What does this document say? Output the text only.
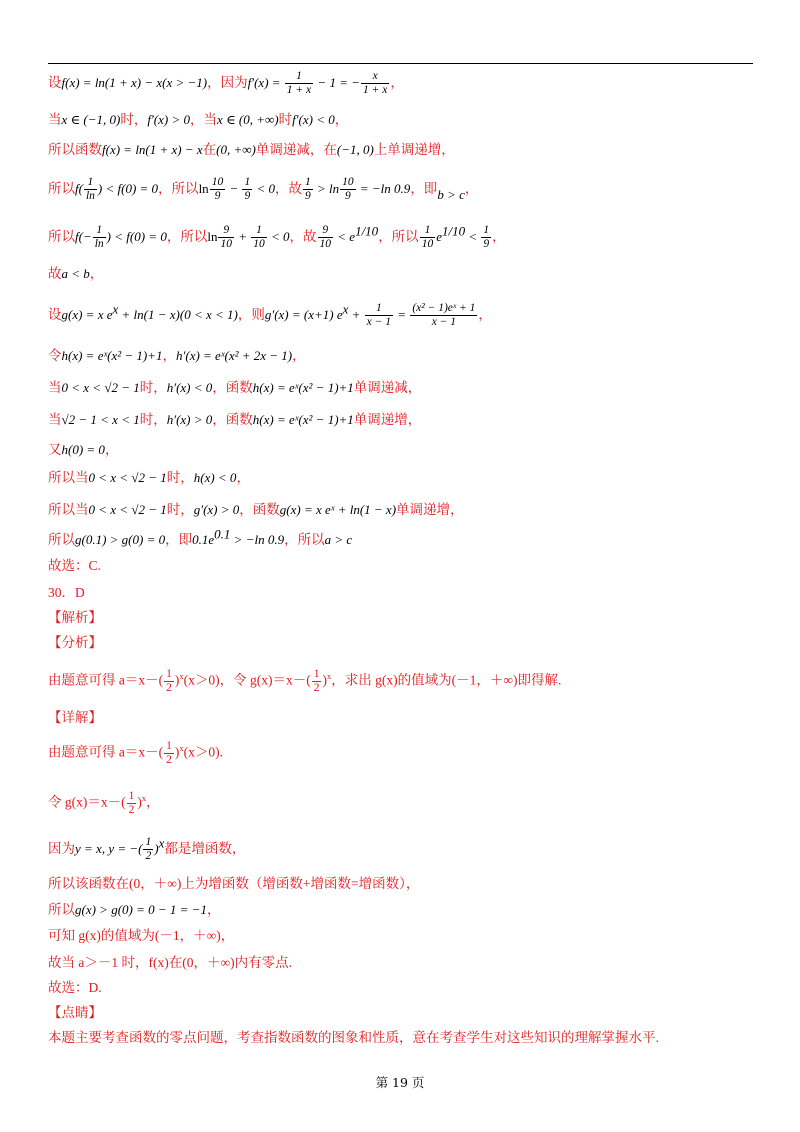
设f(x) = ln(1 + x) − x(x > −1)，因为$f'(x) = \frac{1}{1 + x} - 1$ = − $\frac{x}{1 + x}$ ，
当x ∈ (−1, 0)时，f′(x) > 0，当x ∈ (0, +∞)时f′(x) < 0，
所以函数f(x) = ln(1 + x) − x在(0, +∞)单调递减，在(−1, 0)上单调递增，
所以$f( \frac{1}{\ln}$ ) < f(0) = 0，所以$\ln \frac{10}{9} - \frac{1}{9} < 0$，故 $\frac{1}{9} > \ln \frac{10}{9} = -\ln$ 0.9，即b > c，
所以$f(- \frac{1}{\ln}$ ) < f(0) = 0，所以$\ln \frac{9}{10} + \frac{1}{10} < 0$，故 $\frac{9}{10} < e^{1/10}$，所以 $\frac{1}{10} e^{1/10} < \frac{1}{9}$ ，
故a < b，
设g(x) = x $e^x + \ln(1 - x)(0 < x < 1)$，则g′(x) = (x+1) $e^x + \frac{1}{x - 1} = \frac{\text{(x² − 1)eˣ + 1}}{x - 1}$ ，
令h(x) = eˣ(x² − 1)+1，h′(x) = eˣ(x² + 2x − 1)，
当0 < x < √2 − 1时，h′(x) < 0，函数h(x) = eˣ(x² − 1)+1单调递减，
当√2 − 1 < x < 1时，h′(x) > 0，函数h(x) = eˣ(x² − 1)+1单调递增，
又h(0) = 0，
所以当0 < x < √2 − 1时，h(x) < 0，
所以当0 < x < √2 − 1时，g′(x) > 0，函数g(x) = x eˣ + ln(1 − x)单调递增，
所以g(0.1) > g(0) = 0，即$0.1e^{0.1} > -\ln$ 0.9，所以a > c
故选：C.
30．D
【解析】
【分析】
由题意可得 $a=x-( \frac{1}{2} )^x(x>0)$，令 $g(x)=x-( \frac{1}{2} )^x$，求出 g(x)的值域为(－1，＋∞)即得解.
【详解】
由题意可得 $a=x-( \frac{1}{2} )^x(x>0)$.
令 $g(x)=x-( \frac{1}{2} )^x$，
因为y = x, y = −( $\frac{1}{2} )^x$都是增函数，
所以该函数在(0，＋∞)上为增函数（增函数+增函数=增函数），
所以g(x) > g(0) = 0 − 1 = −1，
可知 g(x)的值域为(－1，＋∞)，
故当 a＞－1 时，f(x)在(0，＋∞)内有零点.
故选：D.
【点睛】
本题主要考查函数的零点问题，考查指数函数的图象和性质，意在考查学生对这些知识的理解掌握水平.
第 19 页
